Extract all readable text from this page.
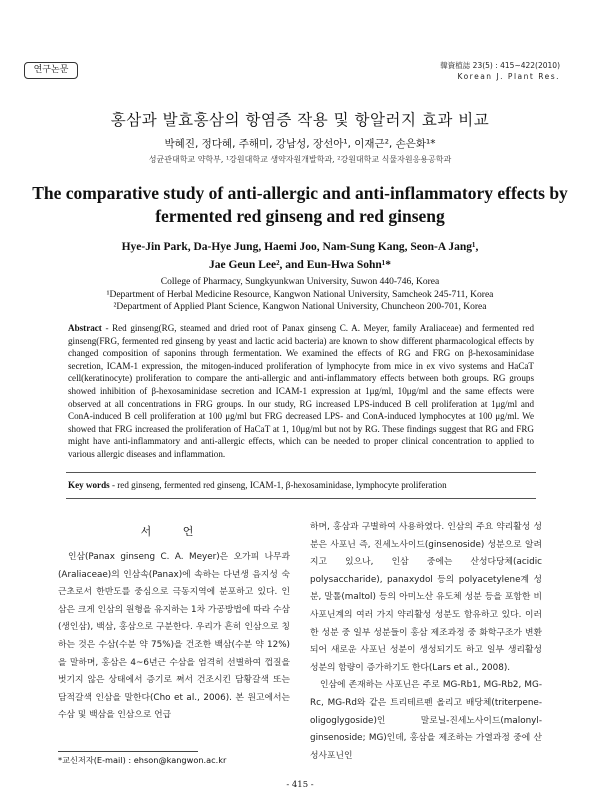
연구논문	韓資植誌 23(5) : 415~422(2010)
Korean J. Plant Res.
홍삼과 발효홍삼의 항염증 작용 및 항알러지 효과 비교
박혜진, 정다혜, 주해미, 강남성, 장선아¹, 이재근², 손은화¹*
성균관대학교 약학부, ¹강원대학교 생약자원개발학과, ²강원대학교 식물자원응용공학과
The comparative study of anti-allergic and anti-inflammatory effects by fermented red ginseng and red ginseng
Hye-Jin Park, Da-Hye Jung, Haemi Joo, Nam-Sung Kang, Seon-A Jang¹,
Jae Geun Lee², and Eun-Hwa Sohn¹*
College of Pharmacy, Sungkyunkwan University, Suwon 440-746, Korea
¹Department of Herbal Medicine Resource, Kangwon National University, Samcheok 245-711, Korea
²Department of Applied Plant Science, Kangwon National University, Chuncheon 200-701, Korea
Abstract - Red ginseng(RG, steamed and dried root of Panax ginseng C. A. Meyer, family Araliaceae) and fermented red ginseng(FRG, fermented red ginseng by yeast and lactic acid bacteria) are known to show different pharmacological effects by changed composition of saponins through fermentation. We examined the effects of RG and FRG on β-hexosaminidase secretion, ICAM-1 expression, the mitogen-induced proliferation of lymphocyte from mice in ex vivo systems and HaCaT cell(keratinocyte) proliferation to compare the anti-allergic and anti-inflammatory effects between both groups. RG groups showed inhibition of β-hexosaminidase secretion and ICAM-1 expression at 1μg/ml, 10μg/ml and the same effects were observed at all concentrations in FRG groups. In our study, RG increased LPS-induced B cell proliferation at 1μg/ml and ConA-induced B cell proliferation at 100 μg/ml but FRG decreased LPS- and ConA-induced lymphocytes at 100 μg/ml. We showed that FRG increased the proliferation of HaCaT at 1, 10μg/ml but not by RG. These findings suggest that RG and FRG might have anti-inflammatory and anti-allergic effects, which can be needed to proper clinical concentration to applied to various allergic diseases and inflammation.
Key words - red ginseng, fermented red ginseng, ICAM-1, β-hexosaminidase, lymphocyte proliferation
서 언
인삼(Panax ginseng C. A. Meyer)은 오가피 나무과(Araliaceae)의 인삼속(Panax)에 속하는 다년생 음지성 숙근초로서 한반도를 중심으로 극동지역에 분포하고 있다. 인삼은 크게 인삼의 원형을 유지하는 1차 가공방법에 따라 수삼(생인삼), 백삼, 홍삼으로 구분한다. 우리가 흔히 인삼으로 칭하는 것은 수삼(수분 약 75%)을 건조한 백삼(수분 약 12%)을 말하며, 홍삼은 4~6년근 수삼을 엄격히 선별하여 껍질을 벗기지 않은 상태에서 증기로 쪄서 건조시킨 담황갈색 또는 담적갈색 인삼을 말한다(Cho et al., 2006). 본 원고에서는 수삼 및 백삼을 인삼으로 언급

하며, 홍삼과 구별하여 사용하였다. 인삼의 주요 약리활성 성분은 사포닌 즉, 진세노사이드(ginsenoside) 성분으로 알려지고 있으나, 인삼 중에는 산성다당체(acidic polysaccharide), panaxydol 등의 polyacetylene계 성분, 말톨(maltol) 등의 아미노산 유도체 성분 등을 포함한 비사포닌계의 여러 가지 약리활성 성분도 함유하고 있다. 이러한 성분 중 일부 성분들이 홍삼 제조과정 중 화학구조가 변환되어 새로운 사포닌 성분이 생성되기도 하고 일부 생리활성 성분의 함량이 증가하기도 한다(Lars et al., 2008).

인삼에 존재하는 사포닌은 주로 MG-Rb1, MG-Rb2, MG-Rc, MG-Rd와 같은 트리테르펜 올리고 배당체(triterpene-oligoglygoside)인 말로닐-진세노사이드(malonyl-ginsenoside; MG)인데, 홍삼을 제조하는 가열과정 중에 산성사포닌인

*교신저자(E-mail) : ehson@kangwon.ac.kr
- 415 -
